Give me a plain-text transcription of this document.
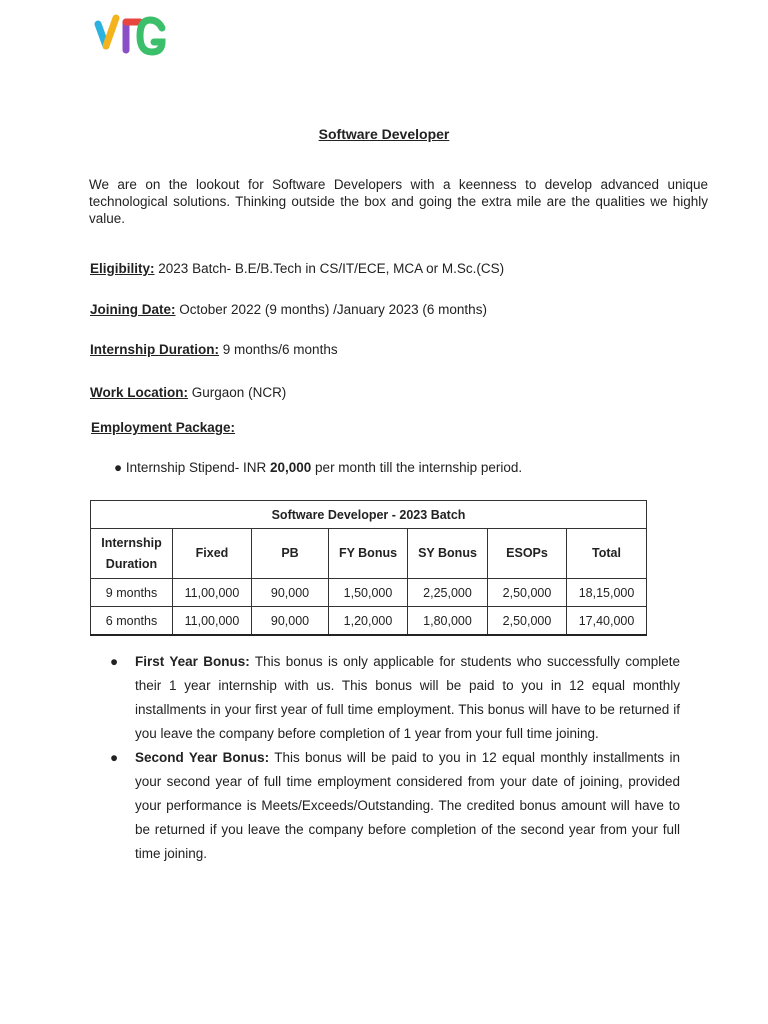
Software Developer
We are on the lookout for Software Developers with a keenness to develop advanced unique technological solutions. Thinking outside the box and going the extra mile are the qualities we highly value.
Eligibility: 2023 Batch- B.E/B.Tech in CS/IT/ECE, MCA or M.Sc.(CS)
Joining Date: October 2022 (9 months) /January 2023 (6 months)
Internship Duration: 9 months/6 months
Work Location: Gurgaon (NCR)
Employment Package:
● Internship Stipend- INR 20,000 per month till the internship period.
Software Developer - 2023 Batch						
Internship Duration	Fixed	PB	FY Bonus	SY Bonus	ESOPs	Total
9 months	11,00,000	90,000	1,50,000	2,25,000	2,50,000	18,15,000
6 months	11,00,000	90,000	1,20,000	1,80,000	2,50,000	17,40,000
● First Year Bonus: This bonus is only applicable for students who successfully complete their 1 year internship with us. This bonus will be paid to you in 12 equal monthly installments in your first year of full time employment. This bonus will have to be returned if you leave the company before completion of 1 year from your full time joining.
● Second Year Bonus: This bonus will be paid to you in 12 equal monthly installments in your second year of full time employment considered from your date of joining, provided your performance is Meets/Exceeds/Outstanding. The credited bonus amount will have to be returned if you leave the company before completion of the second year from your full time joining.
